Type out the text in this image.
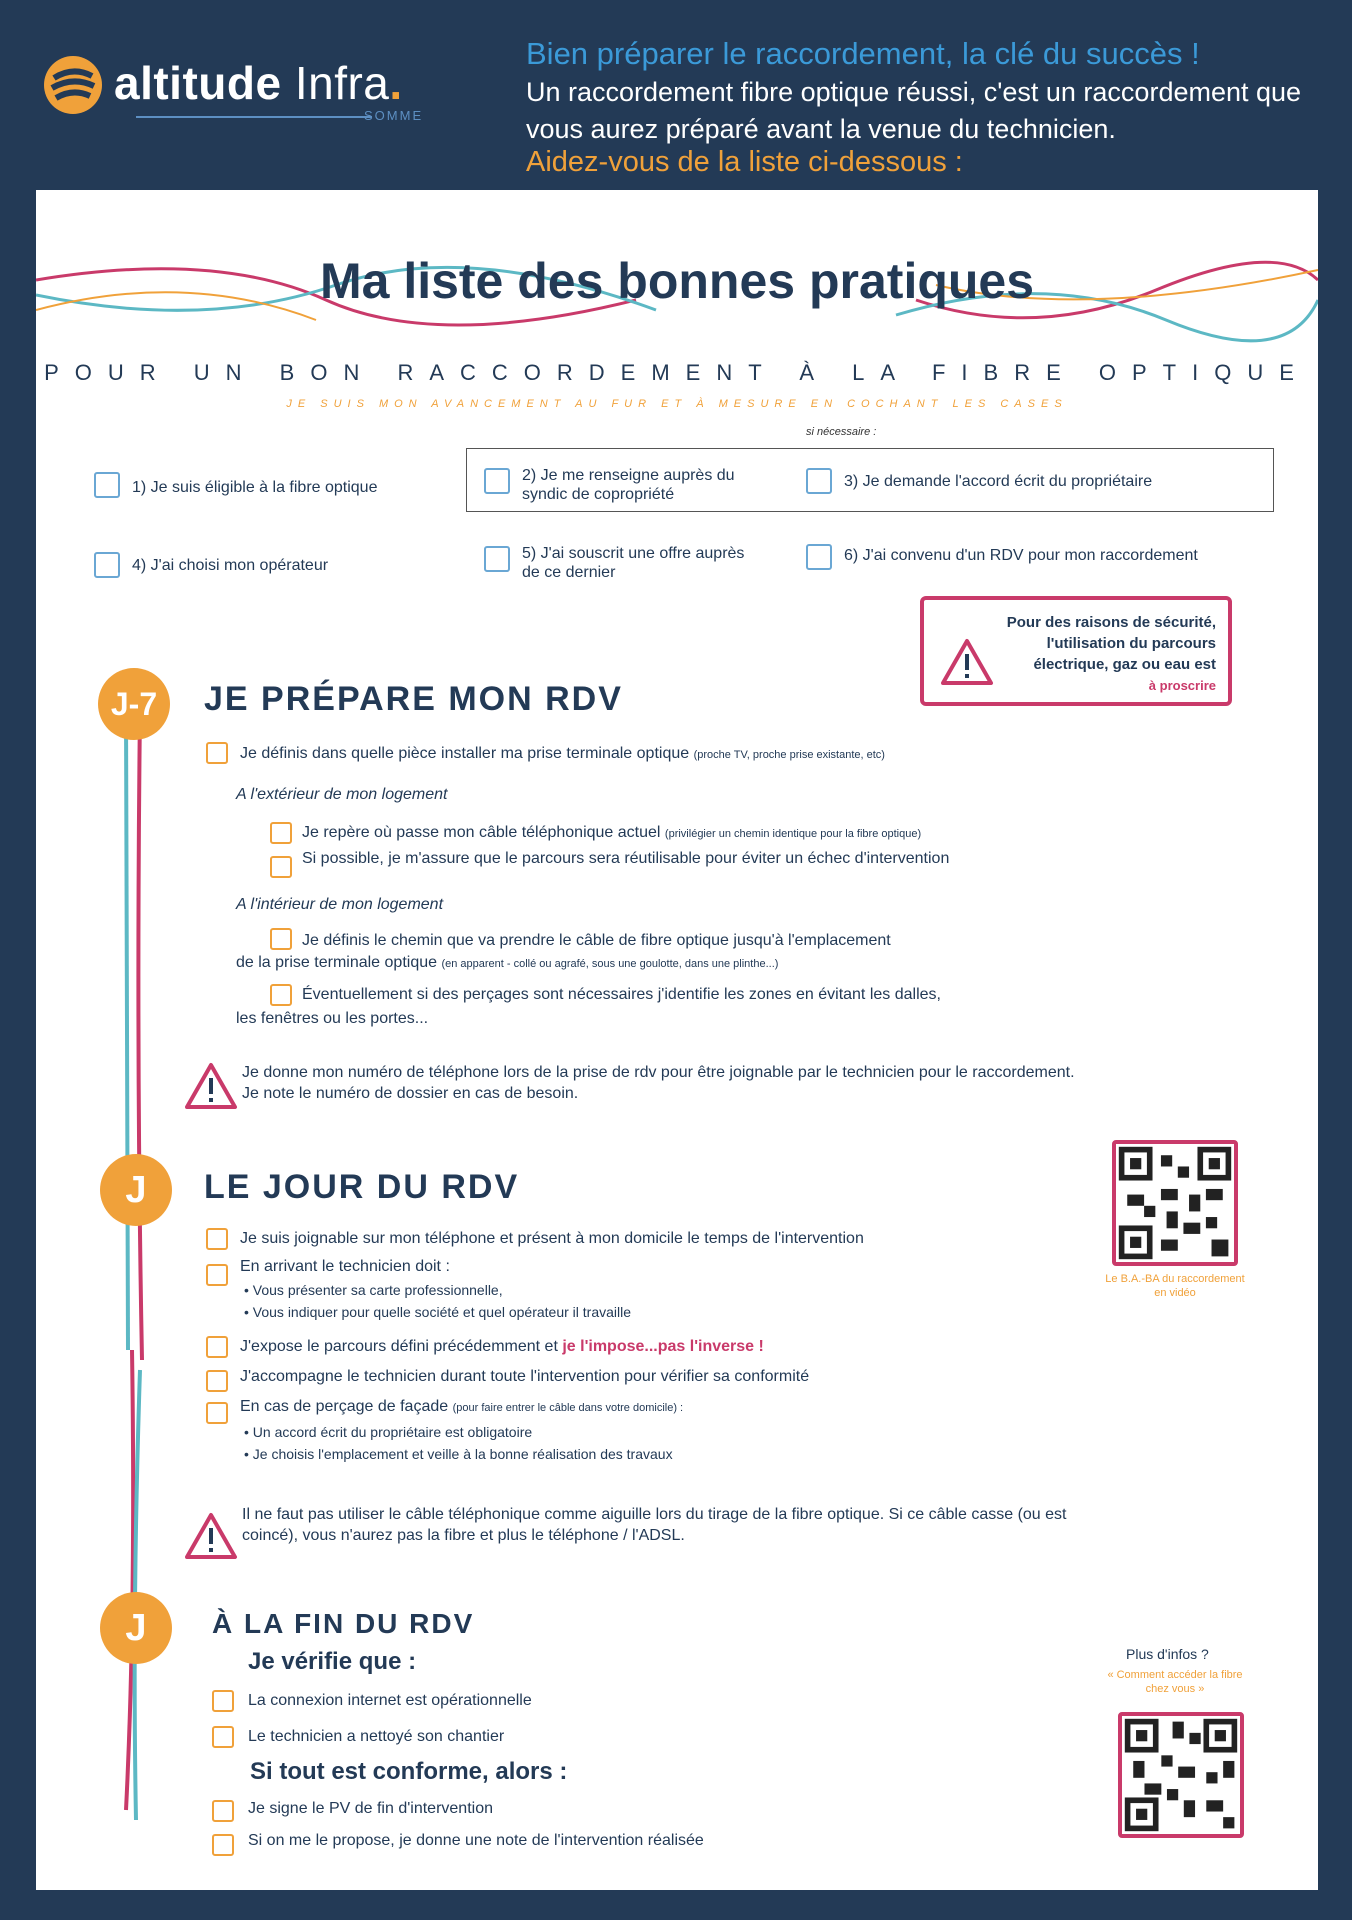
altitude Infra.
SOMME
Bien préparer le raccordement, la clé du succès !
Un raccordement fibre optique réussi, c'est un raccordement que vous aurez préparé avant la venue du technicien.
Aidez-vous de la liste ci-dessous :
Ma liste des bonnes pratiques
POUR UN BON RACCORDEMENT À LA FIBRE OPTIQUE
JE SUIS MON AVANCEMENT AU FUR ET À MESURE EN COCHANT LES CASES
si nécessaire :
1) Je suis éligible à la fibre optique
2) Je me renseigne auprès du syndic de copropriété
3) Je demande l'accord écrit du propriétaire
4) J'ai choisi mon opérateur
5) J'ai souscrit une offre auprès de ce dernier
6) J'ai convenu d'un RDV pour mon raccordement
Pour des raisons de sécurité, l'utilisation du parcours électrique, gaz ou eau est
à proscrire
J-7	JE PRÉPARE MON RDV
Je définis dans quelle pièce installer ma prise terminale optique (proche TV, proche prise existante, etc)
A l'extérieur de mon logement
Je repère où passe mon câble téléphonique actuel (privilégier un chemin identique pour la fibre optique)
Si possible, je m'assure que le parcours sera réutilisable pour éviter un échec d'intervention
A l'intérieur de mon logement
Je définis le chemin que va prendre le câble de fibre optique jusqu'à l'emplacement
de la prise terminale optique (en apparent - collé ou agrafé, sous une goulotte, dans une plinthe...)
Éventuellement si des perçages sont nécessaires j'identifie les zones en évitant les dalles,
les fenêtres ou les portes...
Je donne mon numéro de téléphone lors de la prise de rdv pour être joignable par le technicien pour le raccordement. Je note le numéro de dossier en cas de besoin.
J	LE JOUR DU RDV
Je suis joignable sur mon téléphone et présent à mon domicile le temps de l'intervention
En arrivant le technicien doit :
• Vous présenter sa carte professionnelle,
• Vous indiquer pour quelle société et quel opérateur il travaille
J'expose le parcours défini précédemment et je l'impose...pas l'inverse !
J'accompagne le technicien durant toute l'intervention pour vérifier sa conformité
En cas de perçage de façade (pour faire entrer le câble dans votre domicile) :
• Un accord écrit du propriétaire est obligatoire
• Je choisis l'emplacement et veille à la bonne réalisation des travaux
Il ne faut pas utiliser le câble téléphonique comme aiguille lors du tirage de la fibre optique. Si ce câble casse (ou est coincé), vous n'aurez pas la fibre et plus le téléphone / l'ADSL.
Le B.A.-BA du raccordement en vidéo
J	À LA FIN DU RDV
Je vérifie que :
La connexion internet est opérationnelle
Le technicien a nettoyé son chantier
Si tout est conforme, alors :
Je signe le PV de fin d'intervention
Si on me le propose, je donne une note de l'intervention réalisée
Plus d'infos ?
« Comment accéder la fibre chez vous »
